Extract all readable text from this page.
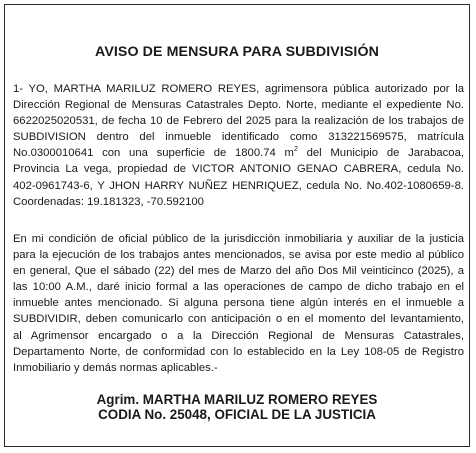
AVISO DE MENSURA PARA SUBDIVISIÓN
1- YO, MARTHA MARILUZ ROMERO REYES, agrimensora pública autorizado por la
Dirección Regional de Mensuras Catastrales Depto. Norte, mediante el expediente No.
6622025020531, de fecha 10 de Febrero del 2025 para la realización de los trabajos de
SUBDIVISION dentro del inmueble identificado como 313221569575, matrícula
No.0300010641 con una superficie de 1800.74 $m^2$ del Municipio de Jarabacoa,
Provincia La vega, propiedad de VICTOR ANTONIO GENAO CABRERA, cedula No.
402-0961743-6, Y JHON HARRY NUÑEZ HENRIQUEZ, cedula No. No.402-1080659-8.
Coordenadas: 19.181323, -70.592100
En mi condición de oficial público de la jurisdicción inmobiliaria y auxiliar de la justicia
para la ejecución de los trabajos antes mencionados, se avisa por este medio al público
en general, Que el sábado (22) del mes de Marzo del año Dos Mil veinticinco (2025), a
las 10:00 A.M., daré inicio formal a las operaciones de campo de dicho trabajo en el
inmueble antes mencionado. Si alguna persona tiene algún interés en el inmueble a
SUBDIVIDIR, deben comunicarlo con anticipación o en el momento del levantamiento,
al Agrimensor encargado o a la Dirección Regional de Mensuras Catastrales,
Departamento Norte, de conformidad con lo establecido en la Ley 108-05 de Registro
Inmobiliario y demás normas aplicables.-
Agrim. MARTHA MARILUZ ROMERO REYES
CODIA No. 25048, OFICIAL DE LA JUSTICIA
